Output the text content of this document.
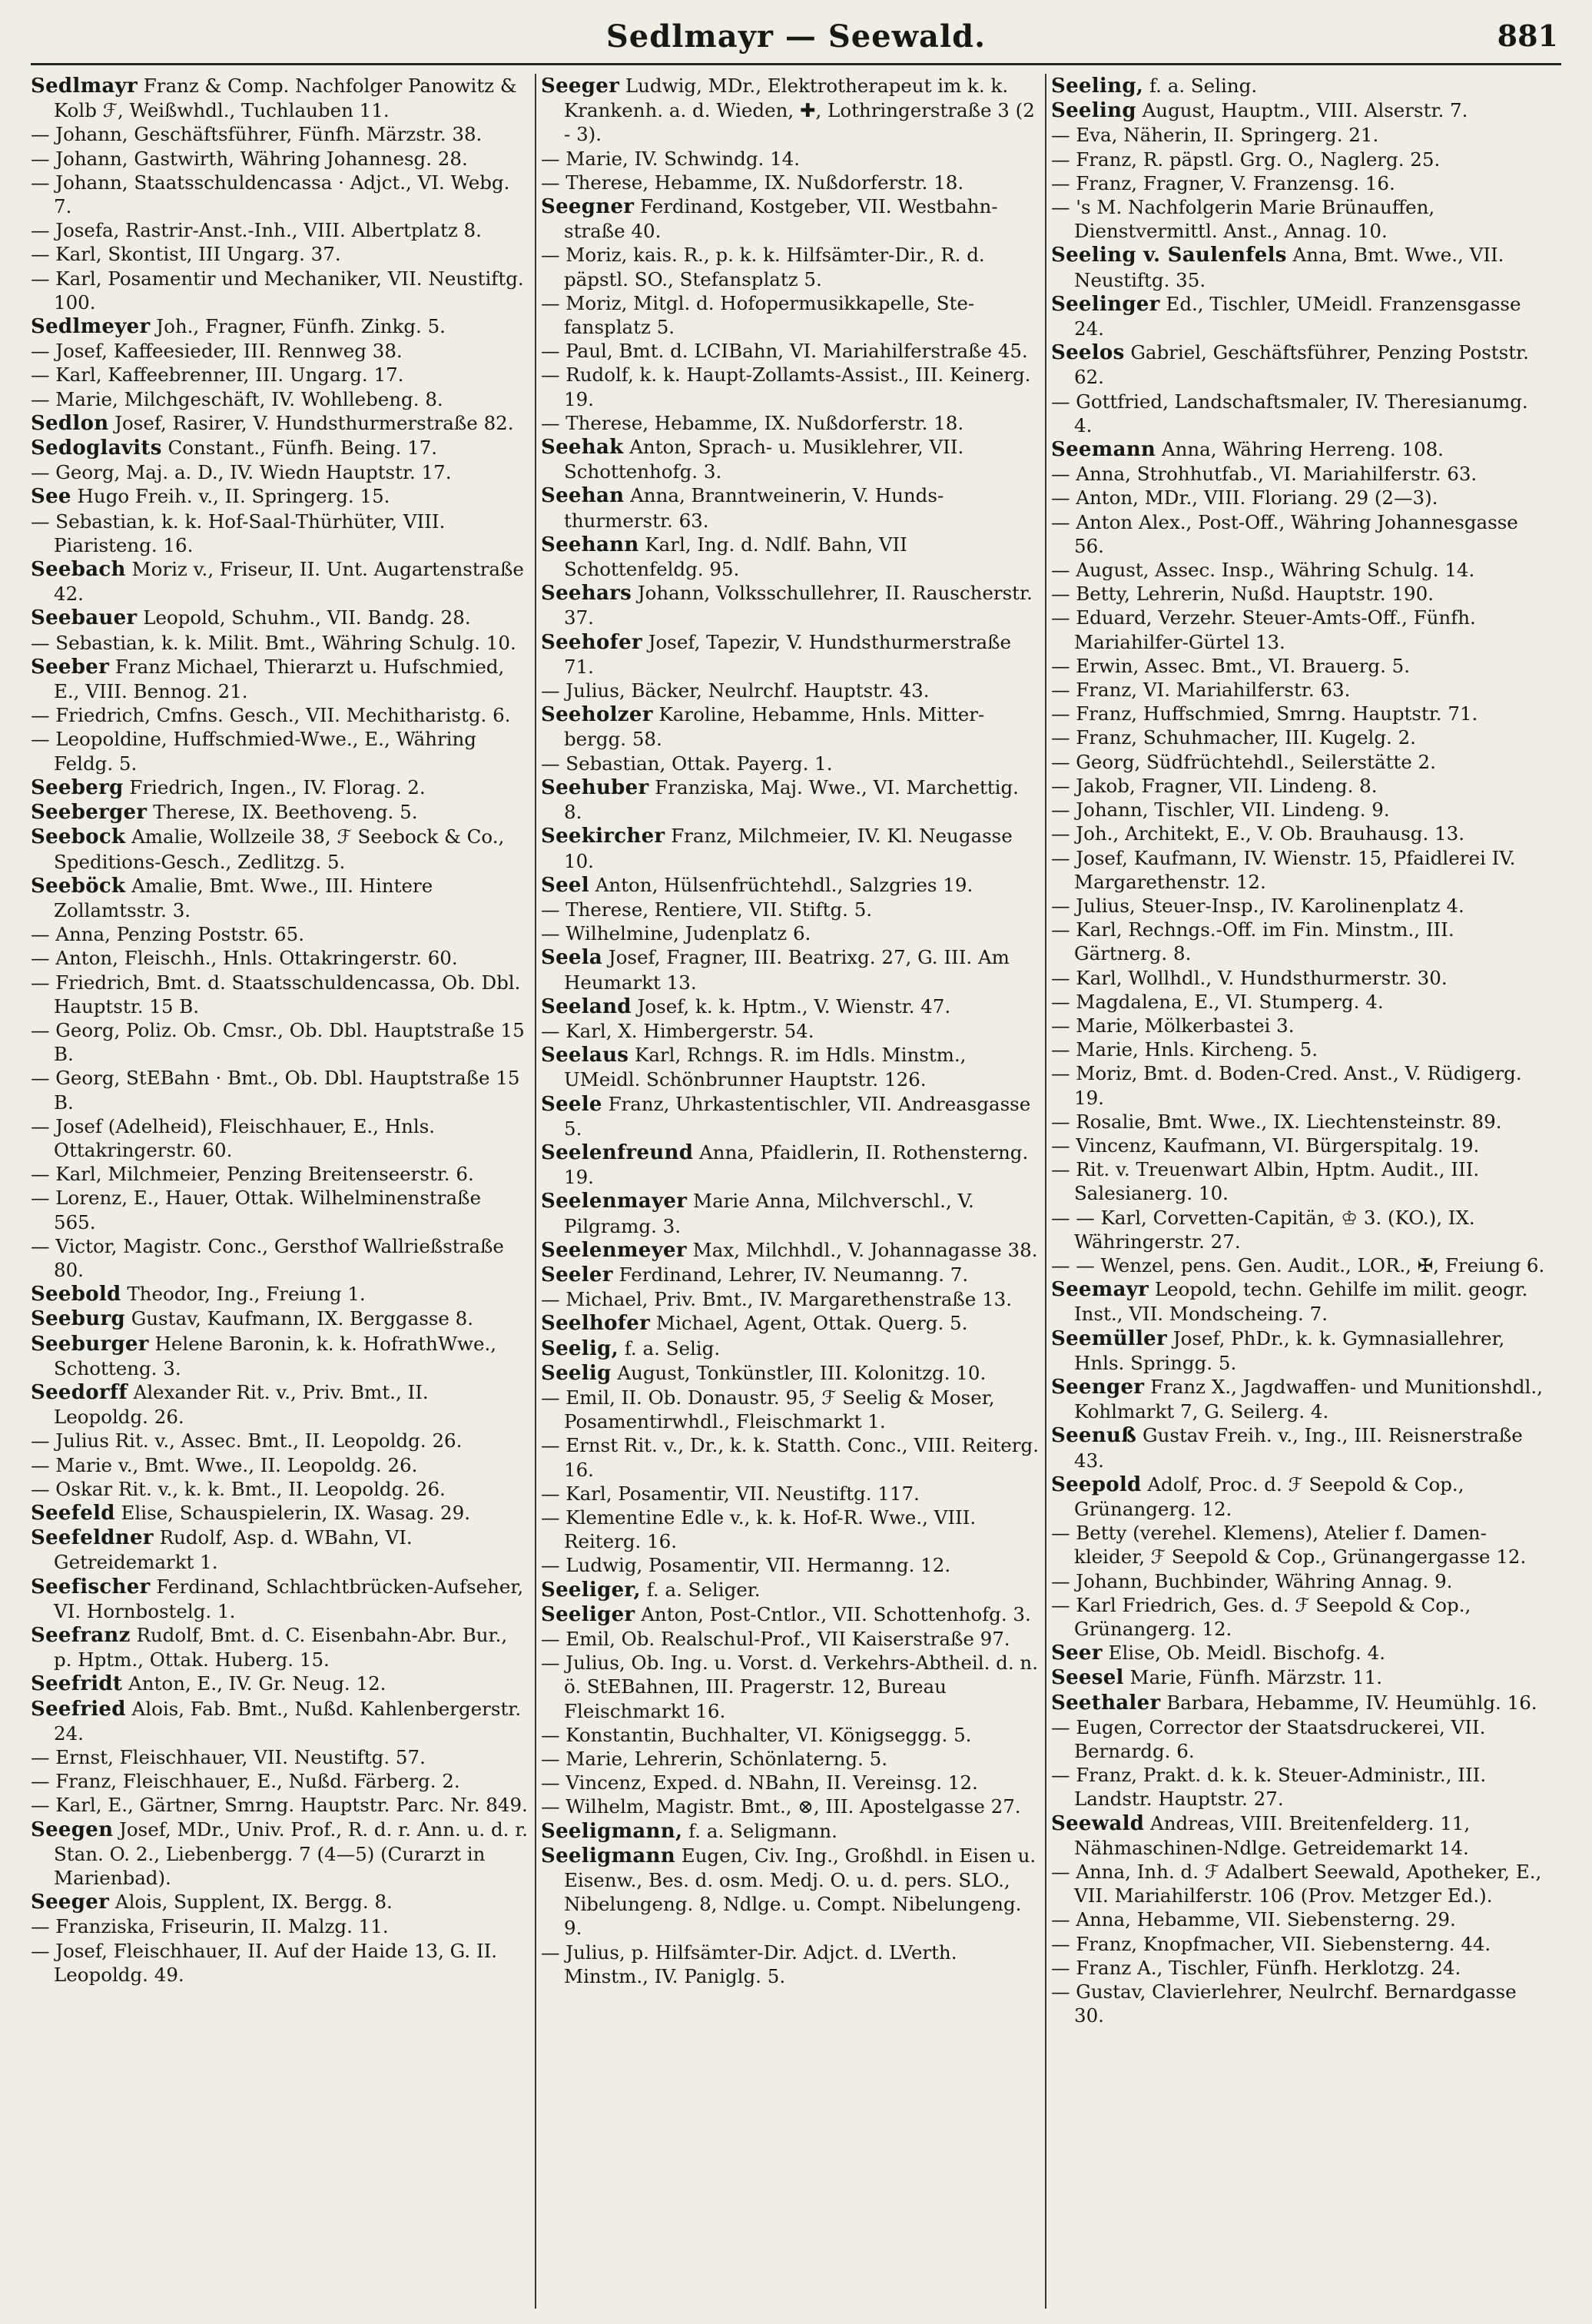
Sedlmayr — Seewald.	881

Sedlmayr Franz & Comp. Nachfolger Panowitz & Kolb ℱ, Weißwhdl., Tuchlauben 11.

— Johann, Geschäftsführer, Fünfh. Märzstr. 38.

— Johann, Gastwirth, Währing Johannesg. 28.

— Johann, Staatsschuldencassa · Adjct., VI. Webg. 7.

— Josefa, Rastrir-Anst.-Inh., VIII. Albertplatz 8.

— Karl, Skontist, III Ungarg. 37.

— Karl, Posamentir und Mechaniker, VII. Neustiftg. 100.

Sedlmeyer Joh., Fragner, Fünfh. Zinkg. 5.

— Josef, Kaffeesieder, III. Rennweg 38.

— Karl, Kaffeebrenner, III. Ungarg. 17.

— Marie, Milchgeschäft, IV. Wohllebeng. 8.

Sedlon Josef, Rasirer, V. Hundsthurmerstraße 82.

Sedoglavits Constant., Fünfh. Being. 17.

— Georg, Maj. a. D., IV. Wiedn Hauptstr. 17.

See Hugo Freih. v., II. Springerg. 15.

— Sebastian, k. k. Hof-Saal-Thürhüter, VIII. Piaristeng. 16.

Seebach Moriz v., Friseur, II. Unt. Augartenstraße 42.

Seebauer Leopold, Schuhm., VII. Bandg. 28.

— Sebastian, k. k. Milit. Bmt., Währing Schulg. 10.

Seeber Franz Michael, Thierarzt u. Hufschmied, E., VIII. Bennog. 21.

— Friedrich, Cmfns. Gesch., VII. Mechitharistg. 6.

— Leopoldine, Huffschmied-Wwe., E., Währing Feldg. 5.

Seeberg Friedrich, Ingen., IV. Florag. 2.

Seeberger Therese, IX. Beethoveng. 5.

Seebock Amalie, Wollzeile 38, ℱ Seebock & Co., Speditions-Gesch., Zedlitzg. 5.

Seeböck Amalie, Bmt. Wwe., III. Hintere Zollamtsstr. 3.

— Anna, Penzing Poststr. 65.

— Anton, Fleischh., Hnls. Ottakringerstr. 60.

— Friedrich, Bmt. d. Staatsschuldencassa, Ob. Dbl. Hauptstr. 15 B.

— Georg, Poliz. Ob. Cmsr., Ob. Dbl. Hauptstraße 15 B.

— Georg, StEBahn · Bmt., Ob. Dbl. Hauptstraße 15 B.

— Josef (Adelheid), Fleischhauer, E., Hnls. Ottakringerstr. 60.

— Karl, Milchmeier, Penzing Breitenseerstr. 6.

— Lorenz, E., Hauer, Ottak. Wilhelminenstraße 565.

— Victor, Magistr. Conc., Gersthof Wallrießstraße 80.

Seebold Theodor, Ing., Freiung 1.

Seeburg Gustav, Kaufmann, IX. Berggasse 8.

Seeburger Helene Baronin, k. k. HofrathWwe., Schotteng. 3.

Seedorff Alexander Rit. v., Priv. Bmt., II. Leopoldg. 26.

— Julius Rit. v., Assec. Bmt., II. Leopoldg. 26.

— Marie v., Bmt. Wwe., II. Leopoldg. 26.

— Oskar Rit. v., k. k. Bmt., II. Leopoldg. 26.

Seefeld Elise, Schauspielerin, IX. Wasag. 29.

Seefeldner Rudolf, Asp. d. WBahn, VI. Getreidemarkt 1.

Seefischer Ferdinand, Schlachtbrücken-Aufseher, VI. Hornbostelg. 1.

Seefranz Rudolf, Bmt. d. C. Eisenbahn-Abr. Bur., p. Hptm., Ottak. Huberg. 15.

Seefridt Anton, E., IV. Gr. Neug. 12.

Seefried Alois, Fab. Bmt., Nußd. Kahlenbergerstr. 24.

— Ernst, Fleischhauer, VII. Neustiftg. 57.

— Franz, Fleischhauer, E., Nußd. Färberg. 2.

— Karl, E., Gärtner, Smrng. Hauptstr. Parc. Nr. 849.

Seegen Josef, MDr., Univ. Prof., R. d. r. Ann. u. d. r. Stan. O. 2., Liebenbergg. 7 (4—5) (Curarzt in Marienbad).

Seeger Alois, Supplent, IX. Bergg. 8.

— Franziska, Friseurin, II. Malzg. 11.

— Josef, Fleischhauer, II. Auf der Haide 13, G. II. Leopoldg. 49.

Seeger Ludwig, MDr., Elektrotherapeut im k. k. Krankenh. a. d. Wieden, ✚, Lothringerstraße 3 (2 - 3).

— Marie, IV. Schwindg. 14.

— Therese, Hebamme, IX. Nußdorferstr. 18.

Seegner Ferdinand, Kostgeber, VII. Westbahnstraße 40.

— Moriz, kais. R., p. k. k. Hilfsämter-Dir., R. d. päpstl. SO., Stefansplatz 5.

— Moriz, Mitgl. d. Hofopermusikkapelle, Stefansplatz 5.

— Paul, Bmt. d. LCIBahn, VI. Mariahilferstraße 45.

— Rudolf, k. k. Haupt-Zollamts-Assist., III. Keinerg. 19.

— Therese, Hebamme, IX. Nußdorferstr. 18.

Seehak Anton, Sprach- u. Musiklehrer, VII. Schottenhofg. 3.

Seehan Anna, Branntweinerin, V. Hundsthurmerstr. 63.

Seehann Karl, Ing. d. Ndlf. Bahn, VII Schottenfeldg. 95.

Seehars Johann, Volksschullehrer, II. Rauscherstr. 37.

Seehofer Josef, Tapezir, V. Hundsthurmerstraße 71.

— Julius, Bäcker, Neulrchf. Hauptstr. 43.

Seeholzer Karoline, Hebamme, Hnls. Mitterbergg. 58.

— Sebastian, Ottak. Payerg. 1.

Seehuber Franziska, Maj. Wwe., VI. Marchettig. 8.

Seekircher Franz, Milchmeier, IV. Kl. Neugasse 10.

Seel Anton, Hülsenfrüchtehdl., Salzgries 19.

— Therese, Rentiere, VII. Stiftg. 5.

— Wilhelmine, Judenplatz 6.

Seela Josef, Fragner, III. Beatrixg. 27, G. III. Am Heumarkt 13.

Seeland Josef, k. k. Hptm., V. Wienstr. 47.

— Karl, X. Himbergerstr. 54.

Seelaus Karl, Rchngs. R. im Hdls. Minstm., UMeidl. Schönbrunner Hauptstr. 126.

Seele Franz, Uhrkastentischler, VII. Andreasgasse 5.

Seelenfreund Anna, Pfaidlerin, II. Rothensterng. 19.

Seelenmayer Marie Anna, Milchverschl., V. Pilgramg. 3.

Seelenmeyer Max, Milchhdl., V. Johannagasse 38.

Seeler Ferdinand, Lehrer, IV. Neumanng. 7.

— Michael, Priv. Bmt., IV. Margarethenstraße 13.

Seelhofer Michael, Agent, Ottak. Querg. 5.

Seelig, f. a. Selig.

Seelig August, Tonkünstler, III. Kolonitzg. 10.

— Emil, II. Ob. Donaustr. 95, ℱ Seelig & Moser, Posamentirwhdl., Fleischmarkt 1.

— Ernst Rit. v., Dr., k. k. Statth. Conc., VIII. Reiterg. 16.

— Karl, Posamentir, VII. Neustiftg. 117.

— Klementine Edle v., k. k. Hof-R. Wwe., VIII. Reiterg. 16.

— Ludwig, Posamentir, VII. Hermanng. 12.

Seeliger, f. a. Seliger.

Seeliger Anton, Post-Cntlor., VII. Schottenhofg. 3.

— Emil, Ob. Realschul-Prof., VII Kaiserstraße 97.

— Julius, Ob. Ing. u. Vorst. d. Verkehrs-Abtheil. d. n. ö. StEBahnen, III. Pragerstr. 12, Bureau Fleischmarkt 16.

— Konstantin, Buchhalter, VI. Königseggg. 5.

— Marie, Lehrerin, Schönlaterng. 5.

— Vincenz, Exped. d. NBahn, II. Vereinsg. 12.

— Wilhelm, Magistr. Bmt., ⊗, III. Apostelgasse 27.

Seeligmann, f. a. Seligmann.

Seeligmann Eugen, Civ. Ing., Großhdl. in Eisen u. Eisenw., Bes. d. osm. Medj. O. u. d. pers. SLO., Nibelungeng. 8, Ndlge. u. Compt. Nibelungeng. 9.

— Julius, p. Hilfsämter-Dir. Adjct. d. LVerth. Minstm., IV. Paniglg. 5.

Seeling, f. a. Seling.

Seeling August, Hauptm., VIII. Alserstr. 7.

— Eva, Näherin, II. Springerg. 21.

— Franz, R. päpstl. Grg. O., Naglerg. 25.

— Franz, Fragner, V. Franzensg. 16.

— 's M. Nachfolgerin Marie Brünauffen, Dienstvermittl. Anst., Annag. 10.

Seeling v. Saulenfels Anna, Bmt. Wwe., VII. Neustiftg. 35.

Seelinger Ed., Tischler, UMeidl. Franzensgasse 24.

Seelos Gabriel, Geschäftsführer, Penzing Poststr. 62.

— Gottfried, Landschaftsmaler, IV. Theresianumg. 4.

Seemann Anna, Währing Herreng. 108.

— Anna, Strohhutfab., VI. Mariahilferstr. 63.

— Anton, MDr., VIII. Floriang. 29 (2—3).

— Anton Alex., Post-Off., Währing Johannesgasse 56.

— August, Assec. Insp., Währing Schulg. 14.

— Betty, Lehrerin, Nußd. Hauptstr. 190.

— Eduard, Verzehr. Steuer-Amts-Off., Fünfh. Mariahilfer-Gürtel 13.

— Erwin, Assec. Bmt., VI. Brauerg. 5.

— Franz, VI. Mariahilferstr. 63.

— Franz, Huffschmied, Smrng. Hauptstr. 71.

— Franz, Schuhmacher, III. Kugelg. 2.

— Georg, Südfrüchtehdl., Seilerstätte 2.

— Jakob, Fragner, VII. Lindeng. 8.

— Johann, Tischler, VII. Lindeng. 9.

— Joh., Architekt, E., V. Ob. Brauhausg. 13.

— Josef, Kaufmann, IV. Wienstr. 15, Pfaidlerei IV. Margarethenstr. 12.

— Julius, Steuer-Insp., IV. Karolinenplatz 4.

— Karl, Rechngs.-Off. im Fin. Minstm., III. Gärtnerg. 8.

— Karl, Wollhdl., V. Hundsthurmerstr. 30.

— Magdalena, E., VI. Stumperg. 4.

— Marie, Mölkerbastei 3.

— Marie, Hnls. Kircheng. 5.

— Moriz, Bmt. d. Boden-Cred. Anst., V. Rüdigerg. 19.

— Rosalie, Bmt. Wwe., IX. Liechtensteinstr. 89.

— Vincenz, Kaufmann, VI. Bürgerspitalg. 19.

— Rit. v. Treuenwart Albin, Hptm. Audit., III. Salesianerg. 10.

— — Karl, Corvetten-Capitän, ♔ 3. (KO.), IX. Währingerstr. 27.

— — Wenzel, pens. Gen. Audit., LOR., ✠, Freiung 6.

Seemayr Leopold, techn. Gehilfe im milit. geogr. Inst., VII. Mondscheing. 7.

Seemüller Josef, PhDr., k. k. Gymnasiallehrer, Hnls. Springg. 5.

Seenger Franz X., Jagdwaffen- und Munitionshdl., Kohlmarkt 7, G. Seilerg. 4.

Seenuß Gustav Freih. v., Ing., III. Reisnerstraße 43.

Seepold Adolf, Proc. d. ℱ Seepold & Cop., Grünangerg. 12.

— Betty (verehel. Klemens), Atelier f. Damenkleider, ℱ Seepold & Cop., Grünangergasse 12.

— Johann, Buchbinder, Währing Annag. 9.

— Karl Friedrich, Ges. d. ℱ Seepold & Cop., Grünangerg. 12.

Seer Elise, Ob. Meidl. Bischofg. 4.

Seesel Marie, Fünfh. Märzstr. 11.

Seethaler Barbara, Hebamme, IV. Heumühlg. 16.

— Eugen, Corrector der Staatsdruckerei, VII. Bernardg. 6.

— Franz, Prakt. d. k. k. Steuer-Administr., III. Landstr. Hauptstr. 27.

Seewald Andreas, VIII. Breitenfelderg. 11, Nähmaschinen-Ndlge. Getreidemarkt 14.

— Anna, Inh. d. ℱ Adalbert Seewald, Apotheker, E., VII. Mariahilferstr. 106 (Prov. Metzger Ed.).

— Anna, Hebamme, VII. Siebensterng. 29.

— Franz, Knopfmacher, VII. Siebensterng. 44.

— Franz A., Tischler, Fünfh. Herklotzg. 24.

— Gustav, Clavierlehrer, Neulrchf. Bernardgasse 30.
